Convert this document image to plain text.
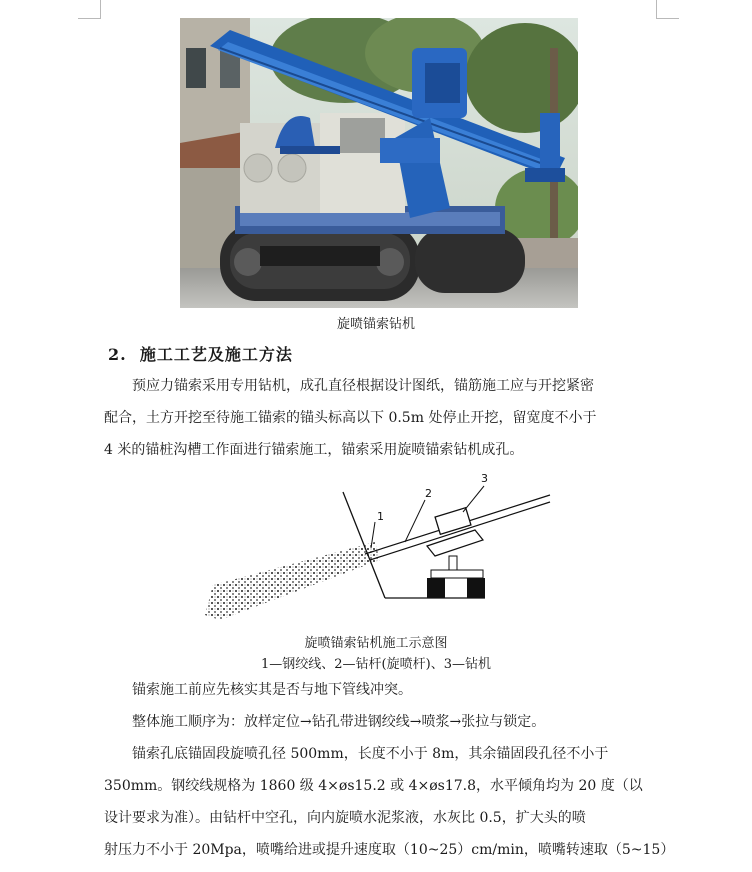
旋喷锚索钻机
2. 施工工艺及施工方法
预应力锚索采用专用钻机，成孔直径根据设计图纸，锚筋施工应与开挖紧密
配合，土方开挖至待施工锚索的锚头标高以下 0.5m 处停止开挖，留宽度不小于
4 米的锚桩沟槽工作面进行锚索施工，锚索采用旋喷锚索钻机成孔。
1
2
3
旋喷锚索钻机施工示意图
1—钢绞线、2—钻杆(旋喷杆)、3—钻机
锚索施工前应先核实其是否与地下管线冲突。
整体施工顺序为：放样定位→钻孔带进钢绞线→喷浆→张拉与锁定。
锚索孔底锚固段旋喷孔径 500mm，长度不小于 8m，其余锚固段孔径不小于
350mm。钢绞线规格为 1860 级 4×øs15.2 或 4×øs17.8，水平倾角均为 20 度（以
设计要求为准）。由钻杆中空孔，向内旋喷水泥浆液，水灰比 0.5，扩大头的喷
射压力不小于 20Mpa，喷嘴给进或提升速度取（10~25）cm/min，喷嘴转速取（5~15）
